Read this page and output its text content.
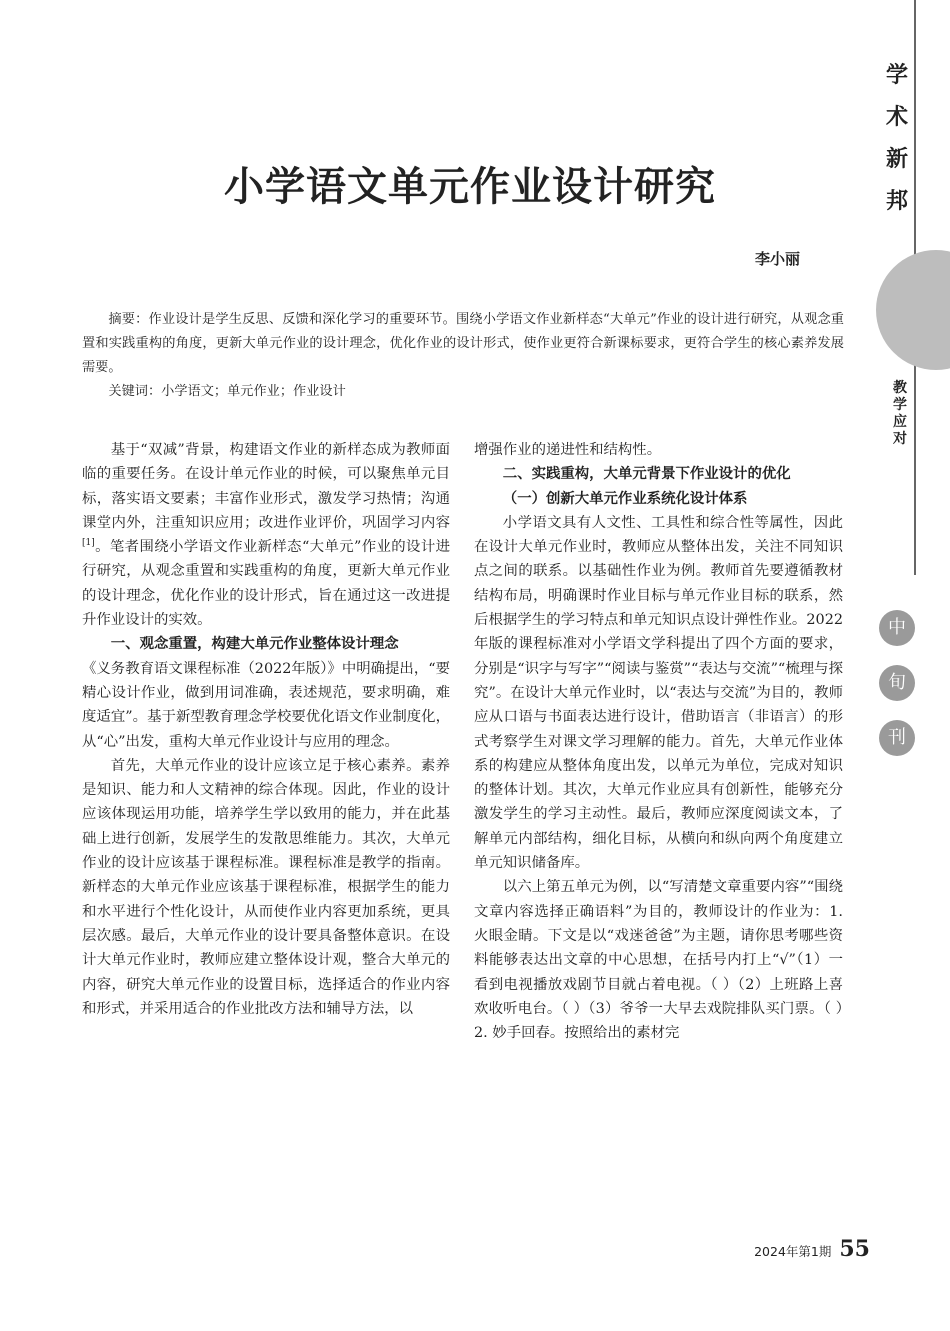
小学语文单元作业设计研究
李小丽

摘要：作业设计是学生反思、反馈和深化学习的重要环节。围绕小学语文作业新样态“大单元”作业的设计进行研究，从观念重置和实践重构的角度，更新大单元作业的设计理念，优化作业的设计形式，使作业更符合新课标要求，更符合学生的核心素养发展需要。

关键词：小学语文；单元作业；作业设计

基于“双减”背景，构建语文作业的新样态成为教师面临的重要任务。在设计单元作业的时候，可以聚焦单元目标，落实语文要素；丰富作业形式，激发学习热情；沟通课堂内外，注重知识应用；改进作业评价，巩固学习内容[1]。笔者围绕小学语文作业新样态“大单元”作业的设计进行研究，从观念重置和实践重构的角度，更新大单元作业的设计理念，优化作业的设计形式，旨在通过这一改进提升作业设计的实效。

一、观念重置，构建大单元作业整体设计理念

《义务教育语文课程标准（2022年版）》中明确提出，“要精心设计作业，做到用词准确，表述规范，要求明确，难度适宜”。基于新型教育理念学校要优化语文作业制度化，从“心”出发，重构大单元作业设计与应用的理念。

首先，大单元作业的设计应该立足于核心素养。素养是知识、能力和人文精神的综合体现。因此，作业的设计应该体现运用功能，培养学生学以致用的能力，并在此基础上进行创新，发展学生的发散思维能力。其次，大单元作业的设计应该基于课程标准。课程标准是教学的指南。新样态的大单元作业应该基于课程标准，根据学生的能力和水平进行个性化设计，从而使作业内容更加系统，更具层次感。最后，大单元作业的设计要具备整体意识。在设计大单元作业时，教师应建立整体设计观，整合大单元的内容，研究大单元作业的设置目标，选择适合的作业内容和形式，并采用适合的作业批改方法和辅导方法，以

增强作业的递进性和结构性。

二、实践重构，大单元背景下作业设计的优化
（一）创新大单元作业系统化设计体系

小学语文具有人文性、工具性和综合性等属性，因此在设计大单元作业时，教师应从整体出发，关注不同知识点之间的联系。以基础性作业为例。教师首先要遵循教材结构布局，明确课时作业目标与单元作业目标的联系，然后根据学生的学习特点和单元知识点设计弹性作业。2022年版的课程标准对小学语文学科提出了四个方面的要求，分别是“识字与写字”“阅读与鉴赏”“表达与交流”“梳理与探究”。在设计大单元作业时，以“表达与交流”为目的，教师应从口语与书面表达进行设计，借助语言（非语言）的形式考察学生对课文学习理解的能力。首先，大单元作业体系的构建应从整体角度出发，以单元为单位，完成对知识的整体计划。其次，大单元作业应具有创新性，能够充分激发学生的学习主动性。最后，教师应深度阅读文本，了解单元内部结构，细化目标，从横向和纵向两个角度建立单元知识储备库。

以六上第五单元为例，以“写清楚文章重要内容”“围绕文章内容选择正确语料”为目的，教师设计的作业为：1. 火眼金睛。下文是以“戏迷爸爸”为主题，请你思考哪些资料能够表达出文章的中心思想，在括号内打上“√”（1）一看到电视播放戏剧节目就占着电视。（ ）（2）上班路上喜欢收听电台。（ ）（3）爷爷一大早去戏院排队买门票。（ ）2. 妙手回春。按照给出的素材完

学
术
新
邦
教
学
应
对
中
旬
刊
2024年第1期 55
